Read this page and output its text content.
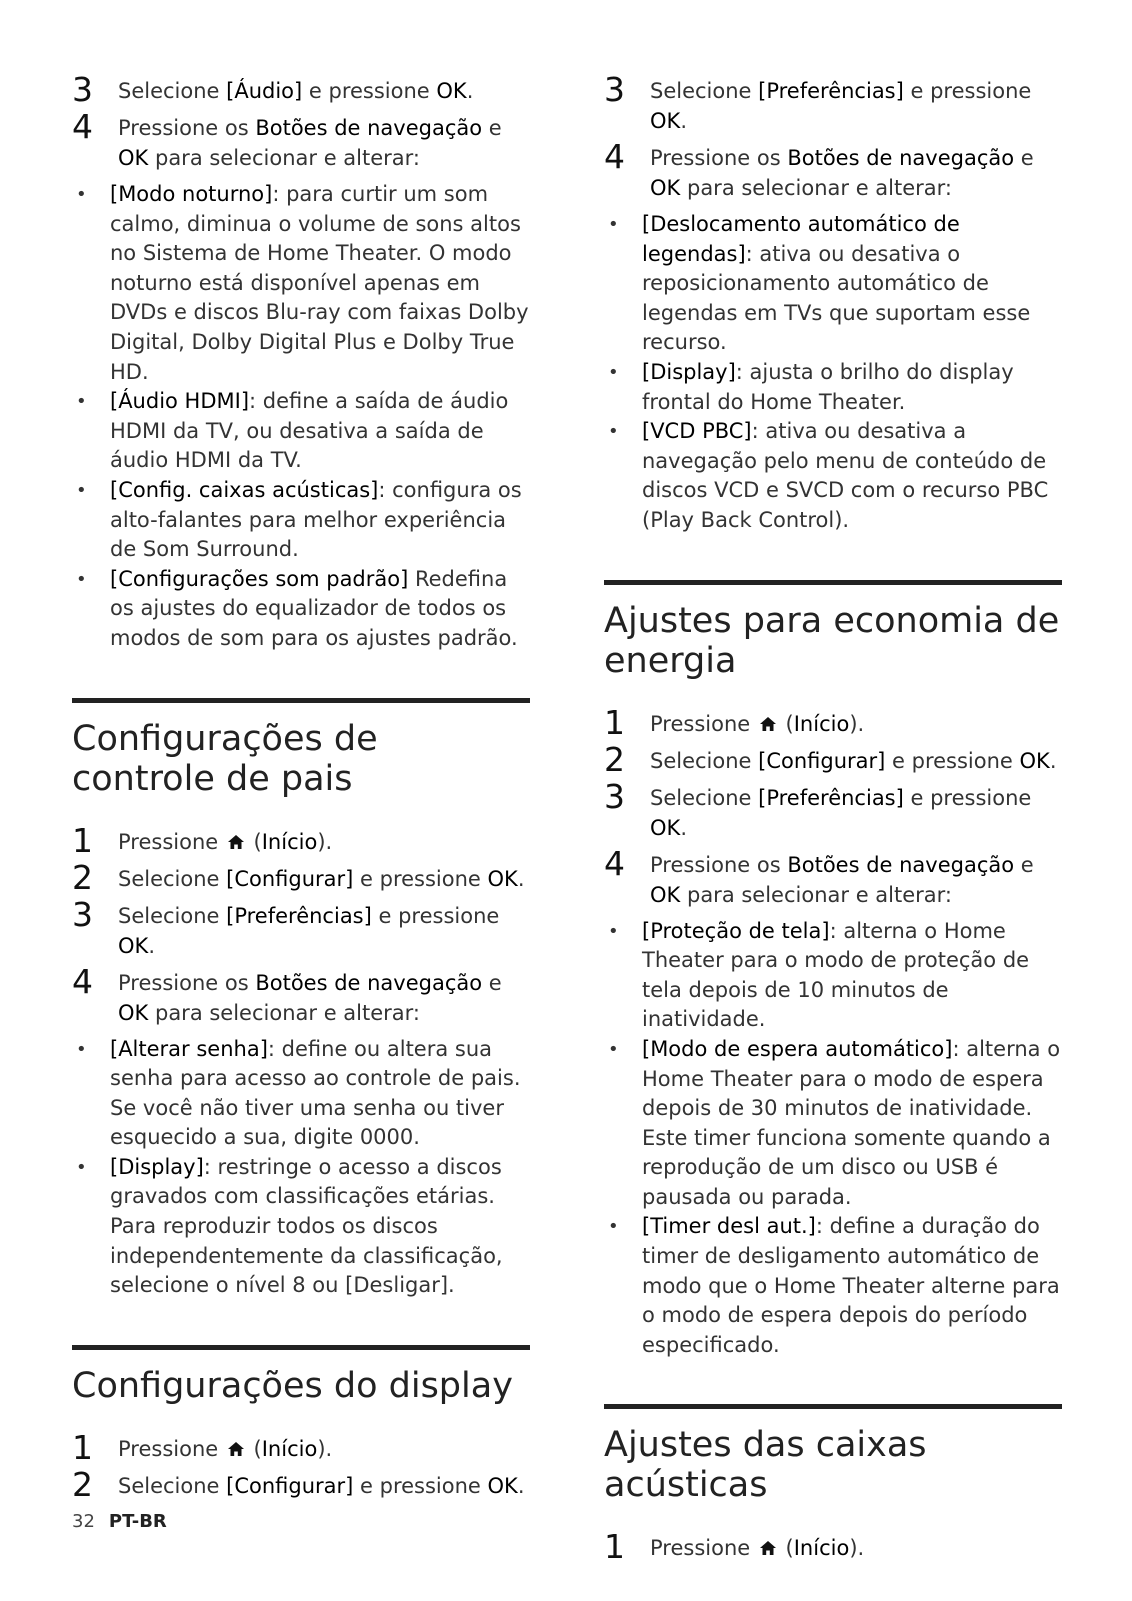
3 Selecione [Áudio] e pressione OK.
4 Pressione os Botões de navegação e OK para selecionar e alterar:
• [Modo noturno]: para curtir um som calmo, diminua o volume de sons altos no Sistema de Home Theater. O modo noturno está disponível apenas em DVDs e discos Blu-ray com faixas Dolby Digital, Dolby Digital Plus e Dolby True HD.
• [Áudio HDMI]: define a saída de áudio HDMI da TV, ou desativa a saída de áudio HDMI da TV.
• [Config. caixas acústicas]: configura os alto-falantes para melhor experiência de Som Surround.
• [Configurações som padrão] Redefina os ajustes do equalizador de todos os modos de som para os ajustes padrão.
Configurações de controle de pais
1 Pressione  (Início).
2 Selecione [Configurar] e pressione OK.
3 Selecione [Preferências] e pressione OK.
4 Pressione os Botões de navegação e OK para selecionar e alterar:
• [Alterar senha]: define ou altera sua senha para acesso ao controle de pais. Se você não tiver uma senha ou tiver esquecido a sua, digite 0000.
• [Display]: restringe o acesso a discos gravados com classificações etárias. Para reproduzir todos os discos independentemente da classificação, selecione o nível 8 ou [Desligar].
Configurações do display
1 Pressione  (Início).
2 Selecione [Configurar] e pressione OK.
3 Selecione [Preferências] e pressione OK.
4 Pressione os Botões de navegação e OK para selecionar e alterar:
• [Deslocamento automático de legendas]: ativa ou desativa o reposicionamento automático de legendas em TVs que suportam esse recurso.
• [Display]: ajusta o brilho do display frontal do Home Theater.
• [VCD PBC]: ativa ou desativa a navegação pelo menu de conteúdo de discos VCD e SVCD com o recurso PBC (Play Back Control).
Ajustes para economia de energia
1 Pressione  (Início).
2 Selecione [Configurar] e pressione OK.
3 Selecione [Preferências] e pressione OK.
4 Pressione os Botões de navegação e OK para selecionar e alterar:
• [Proteção de tela]: alterna o Home Theater para o modo de proteção de tela depois de 10 minutos de inatividade.
• [Modo de espera automático]: alterna o Home Theater para o modo de espera depois de 30 minutos de inatividade. Este timer funciona somente quando a reprodução de um disco ou USB é pausada ou parada.
• [Timer desl aut.]: define a duração do timer de desligamento automático de modo que o Home Theater alterne para o modo de espera depois do período especificado.
Ajustes das caixas acústicas
1 Pressione  (Início).
32 PT-BR
